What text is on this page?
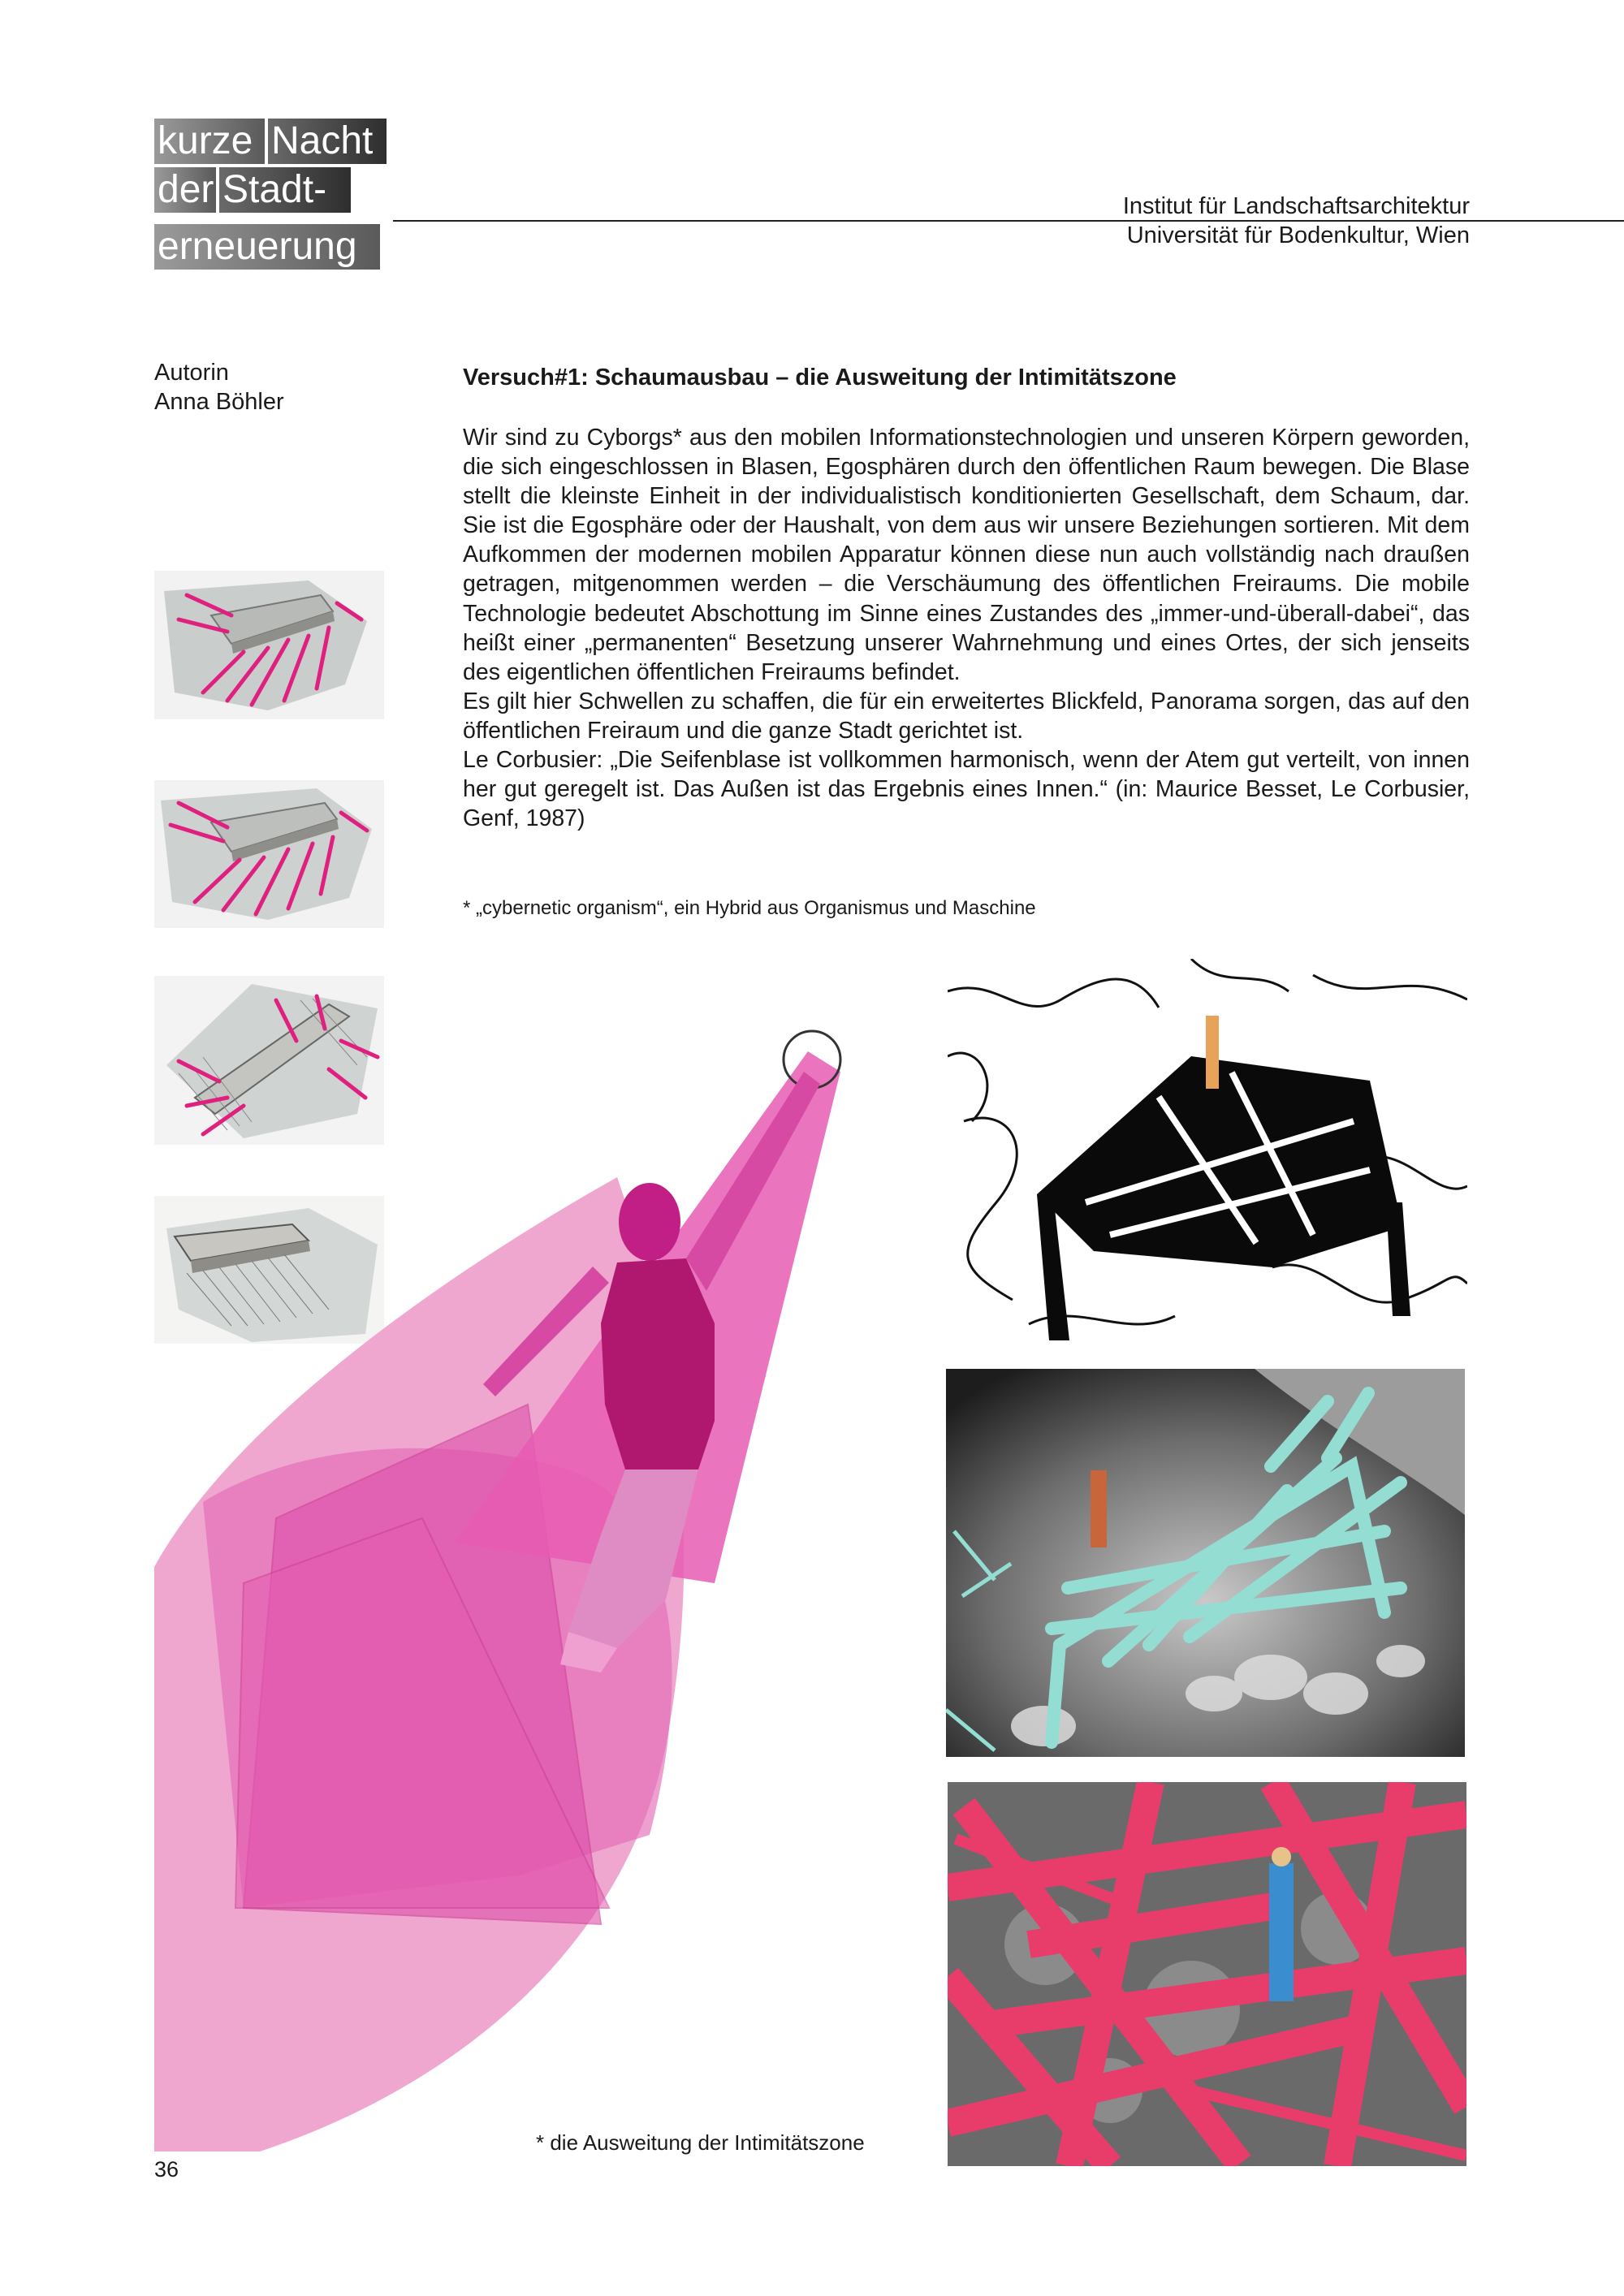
kurze Nacht
der Stadt-
erneuerung
Institut für Landschaftsarchitektur
Universität für Bodenkultur, Wien
Autorin
Anna Böhler
Versuch#1: Schaumausbau – die Ausweitung der Intimitätszone

Wir sind zu Cyborgs* aus den mobilen Informationstechnologien und unseren Körpern geworden, die sich eingeschlossen in Blasen, Egosphären durch den öffentlichen Raum bewegen. Die Blase stellt die kleinste Einheit in der individualistisch konditionierten Gesellschaft, dem Schaum, dar. Sie ist die Egosphäre oder der Haushalt, von dem aus wir unsere Beziehungen sortieren. Mit dem Aufkommen der modernen mobilen Apparatur können diese nun auch vollständig nach draußen getragen, mitgenommen werden – die Verschäumung des öffentlichen Freiraums. Die mobile Technologie bedeutet Abschottung im Sinne eines Zustandes des „immer-und-überall-dabei“, das heißt einer „permanenten“ Besetzung unserer Wahrnehmung und eines Ortes, der sich jenseits des eigentlichen öffentlichen Freiraums befindet.

Es gilt hier Schwellen zu schaffen, die für ein erweitertes Blickfeld, Panorama sorgen, das auf den öffentlichen Freiraum und die ganze Stadt gerichtet ist.

Le Corbusier: „Die Seifenblase ist vollkommen harmonisch, wenn der Atem gut verteilt, von innen her gut geregelt ist. Das Außen ist das Ergebnis eines Innen.“ (in: Maurice Besset, Le Corbusier, Genf, 1987)

* „cybernetic organism“, ein Hybrid aus Organismus und Maschine
* die Ausweitung der Intimitätszone
36
